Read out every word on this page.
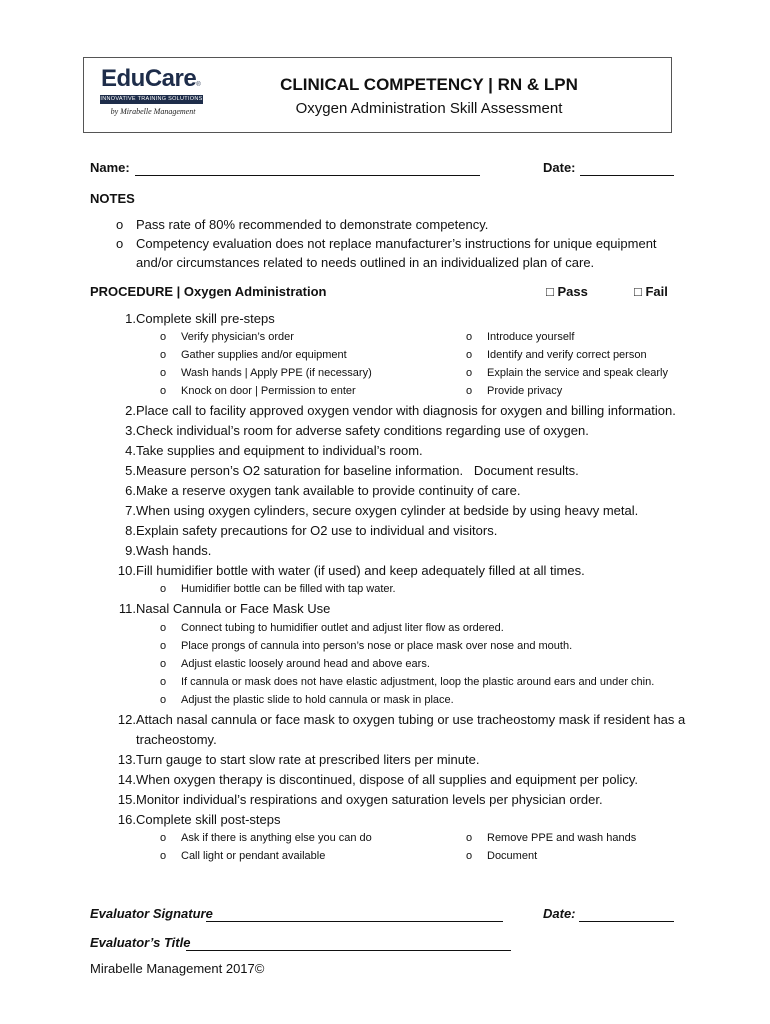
EduCare®
INNOVATIVE TRAINING SOLUTIONS
by Mirabelle Management
CLINICAL COMPETENCY | RN & LPN
Oxygen Administration Skill Assessment
Name:	Date:
NOTES
o Pass rate of 80% recommended to demonstrate competency.
o Competency evaluation does not replace manufacturer’s instructions for unique equipment and/or circumstances related to needs outlined in an individualized plan of care.
PROCEDURE | Oxygen Administration	□ Pass	□ Fail
1. Complete skill pre-steps
o Verify physician’s order
o Gather supplies and/or equipment
o Wash hands | Apply PPE (if necessary)
o Knock on door | Permission to enter
o Introduce yourself
o Identify and verify correct person
o Explain the service and speak clearly
o Provide privacy
2. Place call to facility approved oxygen vendor with diagnosis for oxygen and billing information.
3. Check individual’s room for adverse safety conditions regarding use of oxygen.
4. Take supplies and equipment to individual’s room.
5. Measure person’s O2 saturation for baseline information.   Document results.
6. Make a reserve oxygen tank available to provide continuity of care.
7. When using oxygen cylinders, secure oxygen cylinder at bedside by using heavy metal.
8. Explain safety precautions for O2 use to individual and visitors.
9. Wash hands.
10. Fill humidifier bottle with water (if used) and keep adequately filled at all times.
o Humidifier bottle can be filled with tap water.
11. Nasal Cannula or Face Mask Use
o Connect tubing to humidifier outlet and adjust liter flow as ordered.
o Place prongs of cannula into person’s nose or place mask over nose and mouth.
o Adjust elastic loosely around head and above ears.
o If cannula or mask does not have elastic adjustment, loop the plastic around ears and under chin.
o Adjust the plastic slide to hold cannula or mask in place.
12. Attach nasal cannula or face mask to oxygen tubing or use tracheostomy mask if resident has a
tracheostomy.
13. Turn gauge to start slow rate at prescribed liters per minute.
14. When oxygen therapy is discontinued, dispose of all supplies and equipment per policy.
15. Monitor individual’s respirations and oxygen saturation levels per physician order.
16. Complete skill post-steps
o Ask if there is anything else you can do
o Call light or pendant available
o Remove PPE and wash hands
o Document
Evaluator Signature	Date:
Evaluator’s Title
Mirabelle Management 2017©
